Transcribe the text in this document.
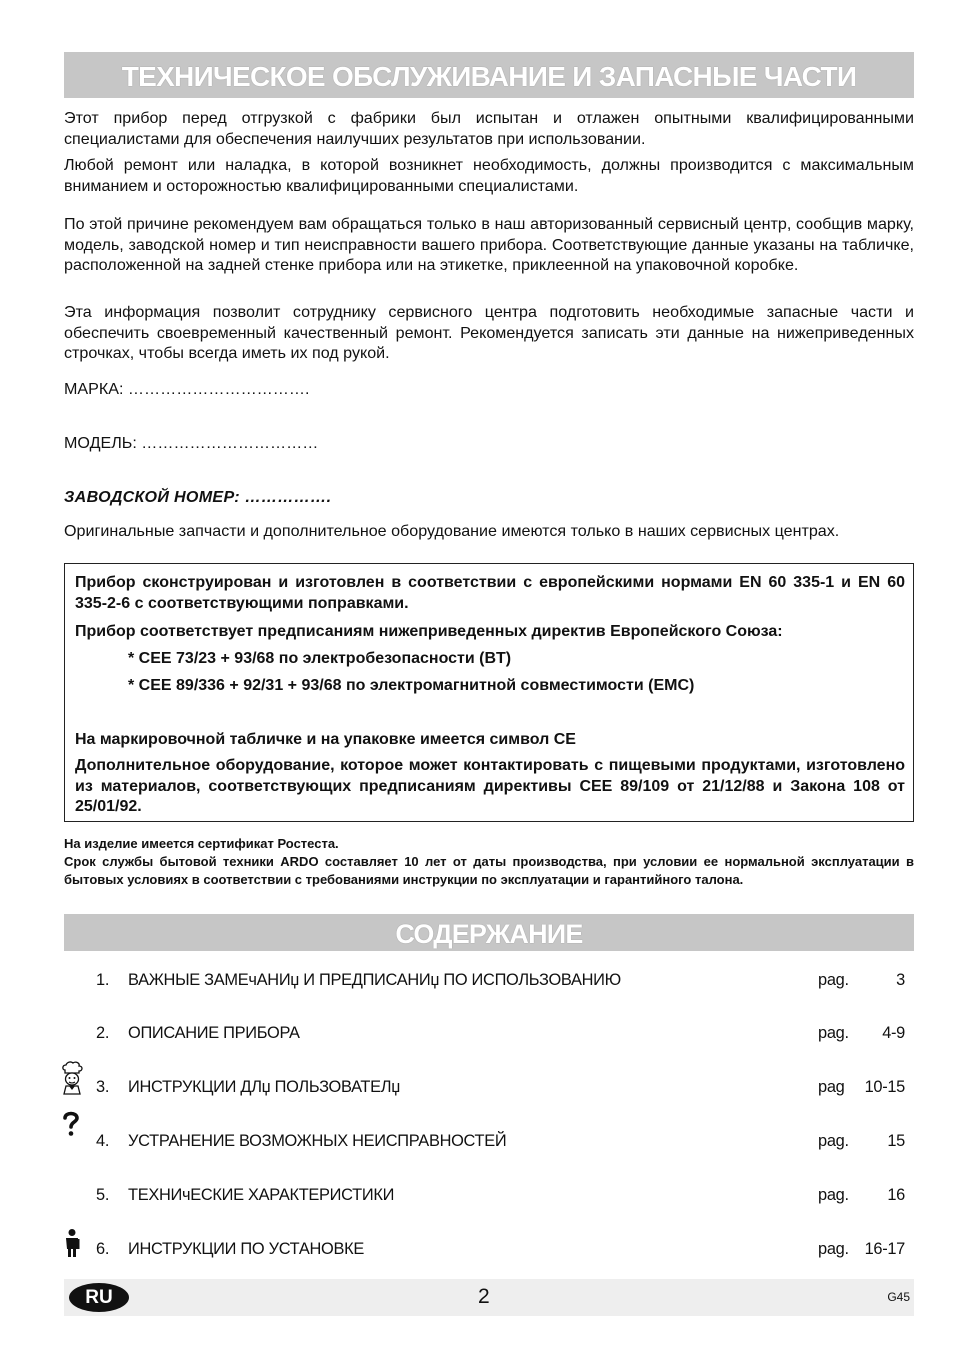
ТЕХНИЧЕСКОЕ ОБСЛУЖИВАНИЕ И ЗАПАСНЫЕ ЧАСТИ
Этот прибор перед отгрузкой с фабрики был испытан и отлажен опытными квалифицированными специалистами для обеспечения наилучших результатов при использовании.
Любой ремонт или наладка, в которой возникнет необходимость, должны производится с максимальным вниманием и осторожностью квалифицированными специалистами.
По этой причине рекомендуем вам обращаться только в наш авторизованный сервисный центр, сообщив марку, модель, заводской номер и тип неисправности вашего прибора. Соответствующие данные указаны на табличке, расположенной на задней стенке прибора или на этикетке, приклеенной на упаковочной коробке.
Эта информация позволит сотруднику сервисного центра подготовить необходимые запасные части и обеспечить своевременный качественный ремонт. Рекомендуется записать эти данные на нижеприведенных строчках, чтобы всегда иметь их под рукой.
МАРКА: …………………………….
МОДЕЛЬ: ……………………………
ЗАВОДСКОЙ НОМЕР: …………….
Оригинальные запчасти и дополнительное оборудование имеются только в наших сервисных центрах.
Прибор сконструирован и изготовлен в соответствии с европейскими нормами EN 60 335-1 и EN 60 335-2-6 с соответствующими поправками.
Прибор соответствует предписаниям нижеприведенных директив Европейского Союза:
* CEE 73/23 + 93/68 по электробезопасности (BT)
* CEE 89/336 + 92/31 + 93/68 по электромагнитной совместимости (EMC)
На маркировочной табличке и на упаковке имеется символ CE
Дополнительное оборудование, которое может контактировать с пищевыми продуктами, изготовлено из материалов, соответствующих предписаниям директивы CEE 89/109 от 21/12/88 и Закона 108 от 25/01/92.
На изделие имеется сертификат Ростеста.
Срок службы бытовой техники ARDO составляет 10 лет от даты производства, при условии ее нормальной эксплуатации в бытовых условиях в соответствии с требованиями инструкции по эксплуатации и гарантийного талона.
СОДЕРЖАНИЕ
1. ВАЖНЫЕ ЗАМЕчАНИџ И ПРЕДПИСАНИџ ПО ИСПОЛЬЗОВАНИЮ	pag.	3
2. ОПИСАНИЕ ПРИБОРА	pag. 4-9
3. ИНСТРУКЦИИ ДЛџ ПОЛЬЗОВАТЕЛџ	pag 10-15
4. УСТРАНЕНИЕ ВОЗМОЖНЫХ НЕИСПРАВНОСТЕЙ	pag. 15
5. ТЕХНИчЕСКИЕ ХАРАКТЕРИСТИКИ	pag. 16
6. ИНСТРУКЦИИ ПО УСТАНОВКЕ	pag. 16-17
RU	2	G45
